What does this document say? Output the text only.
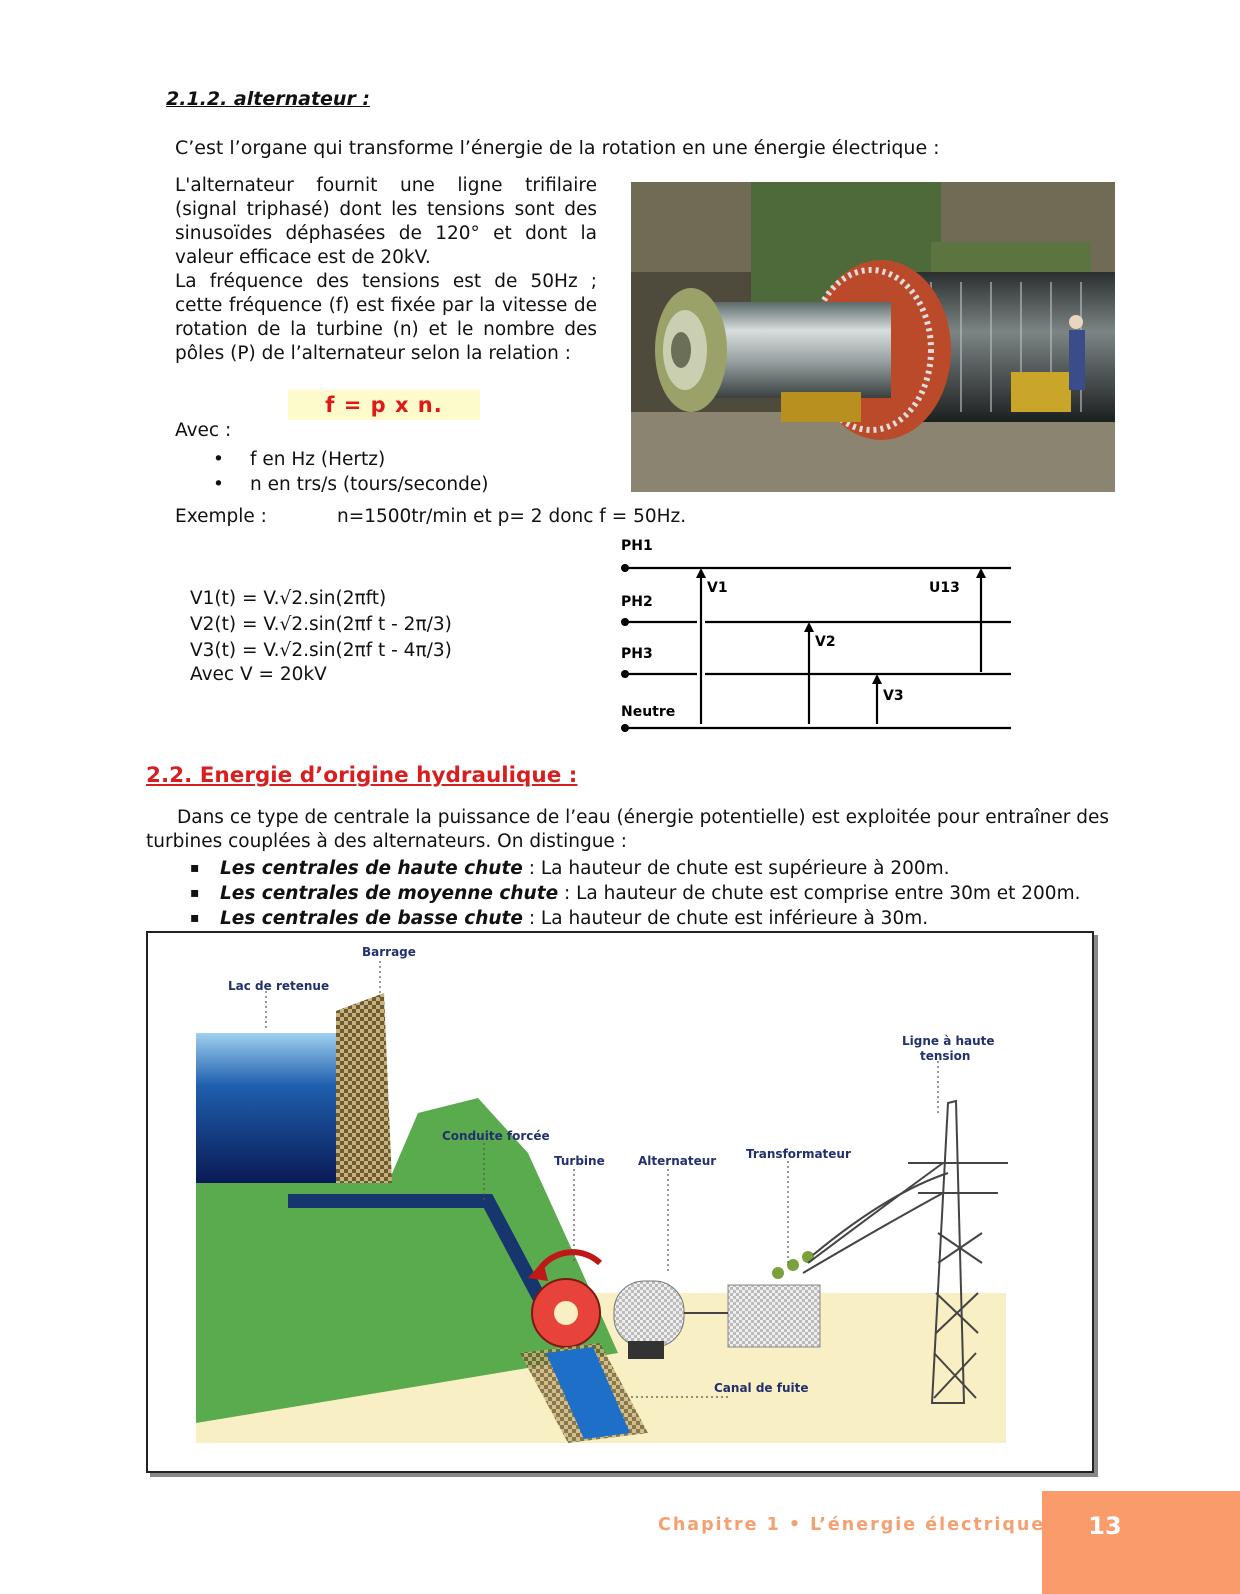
2.1.2. alternateur :
C’est l’organe qui transforme l’énergie de la rotation en une énergie électrique :

L'alternateur fournit une ligne trifilaire (signal triphasé) dont les tensions sont des sinusoïdes déphasées de 120° et dont la valeur efficace est de 20kV.

La fréquence des tensions est de 50Hz ; cette fréquence (f) est fixée par la vitesse de rotation de la turbine (n) et le nombre des pôles (P) de l’alternateur selon la relation :

f = p x n.
Avec :
• f en Hz (Hertz)
• n en trs/s (tours/seconde)
Exemple :	n=1500tr/min et p= 2 donc f = 50Hz.
V1(t) = V.√2.sin(2πft)
V2(t) = V.√2.sin(2πf t - 2π/3)
V3(t) = V.√2.sin(2πf t - 4π/3)
Avec V = 20kV
PH1
PH2
PH3
Neutre
V1
V2
V3
U13
2.2. Energie d’origine hydraulique :
Dans ce type de centrale la puissance de l’eau (énergie potentielle) est exploitée pour entraîner des turbines couplées à des alternateurs. On distingue :
▪ Les centrales de haute chute : La hauteur de chute est supérieure à 200m.
▪ Les centrales de moyenne chute : La hauteur de chute est comprise entre 30m et 200m.
▪ Les centrales de basse chute : La hauteur de chute est inférieure à 30m.
Barrage
Lac de retenue
Ligne à haute
tension
Conduite forcée
Turbine	Alternateur Transformateur
Canal de fuite
13
Chapitre 1 • L’énergie électrique
